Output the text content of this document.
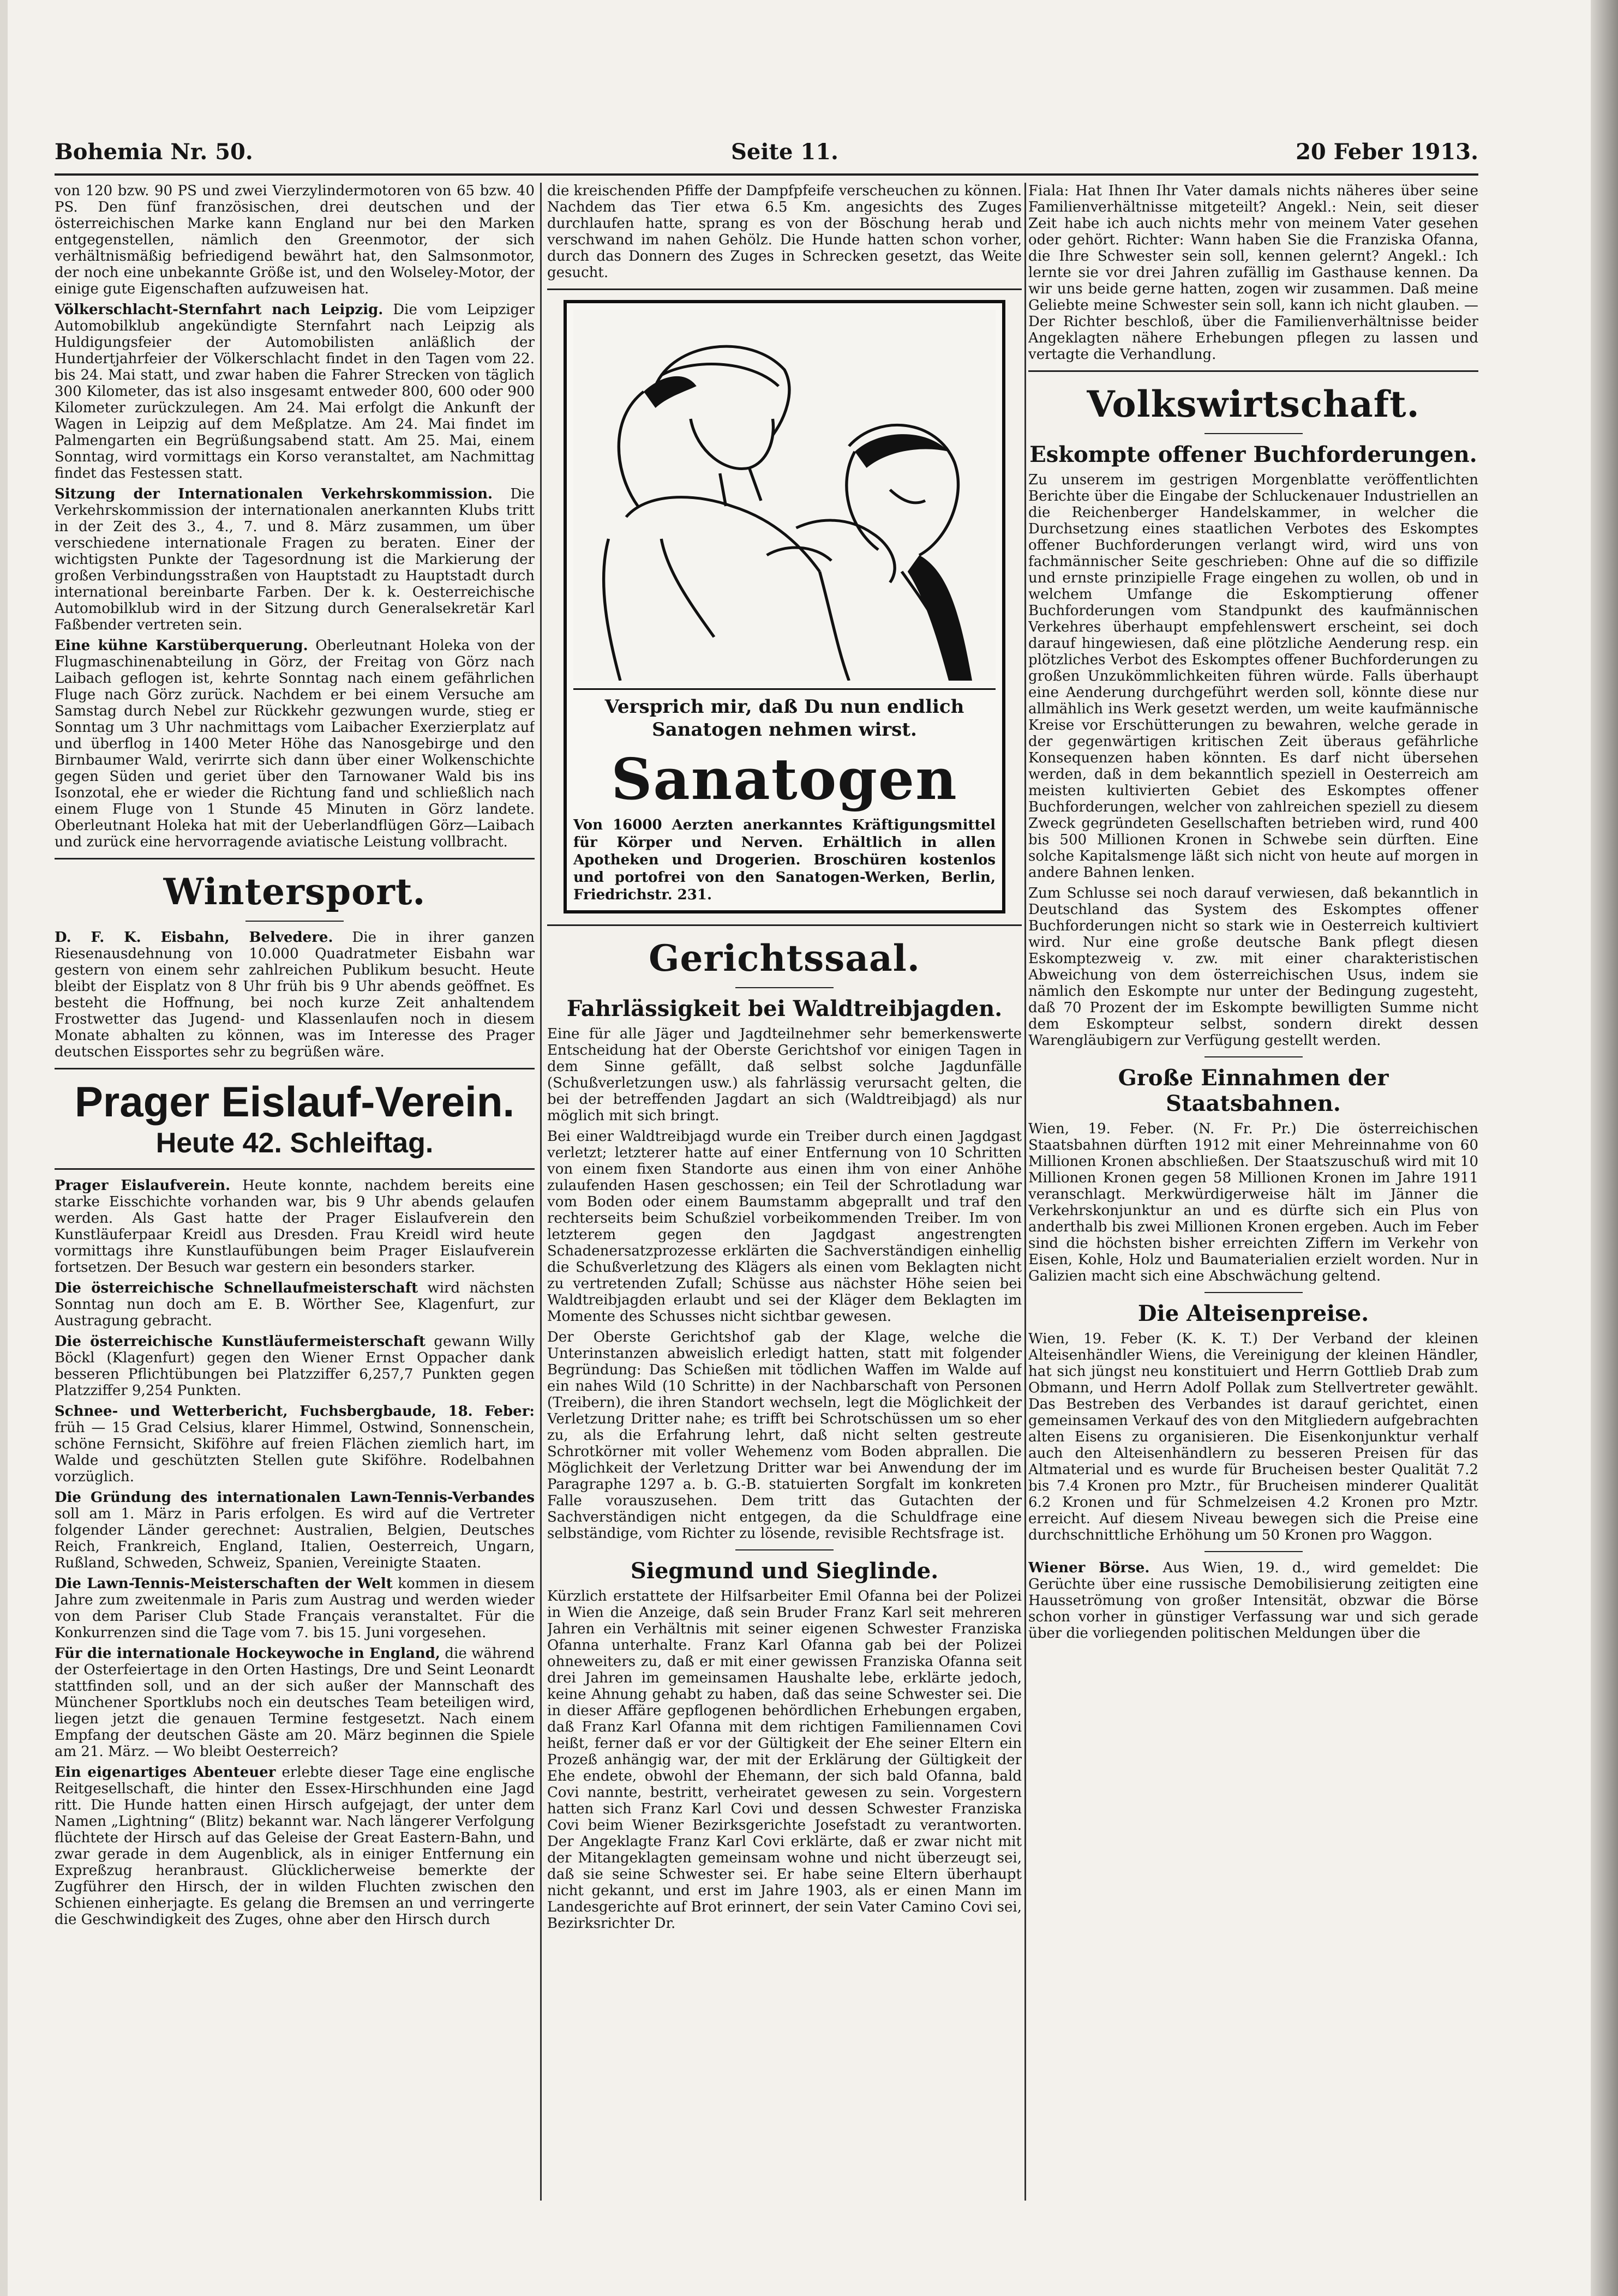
Bohemia Nr. 50.	Seite 11.	20 Feber 1913.

von 120 bzw. 90 PS und zwei Vierzylindermotoren von 65 bzw. 40 PS. Den fünf französischen, drei deutschen und der österreichischen Marke kann England nur bei den Marken entgegenstellen, nämlich den Greenmotor, der sich verhältnismäßig befriedigend bewährt hat, den Salmsonmotor, der noch eine unbekannte Größe ist, und den Wolseley-Motor, der einige gute Eigenschaften aufzuweisen hat.

Völkerschlacht-Sternfahrt nach Leipzig. Die vom Leipziger Automobilklub angekündigte Sternfahrt nach Leipzig als Huldigungsfeier der Automobilisten anläßlich der Hundertjahrfeier der Völkerschlacht findet in den Tagen vom 22. bis 24. Mai statt, und zwar haben die Fahrer Strecken von täglich 300 Kilometer, das ist also insgesamt entweder 800, 600 oder 900 Kilometer zurückzulegen. Am 24. Mai erfolgt die Ankunft der Wagen in Leipzig auf dem Meßplatze. Am 24. Mai findet im Palmengarten ein Begrüßungsabend statt. Am 25. Mai, einem Sonntag, wird vormittags ein Korso veranstaltet, am Nachmittag findet das Festessen statt.

Sitzung der Internationalen Verkehrskommission. Die Verkehrskommission der internationalen anerkannten Klubs tritt in der Zeit des 3., 4., 7. und 8. März zusammen, um über verschiedene internationale Fragen zu beraten. Einer der wichtigsten Punkte der Tagesordnung ist die Markierung der großen Verbindungsstraßen von Hauptstadt zu Hauptstadt durch international bereinbarte Farben. Der k. k. Oesterreichische Automobilklub wird in der Sitzung durch Generalsekretär Karl Faßbender vertreten sein.

Eine kühne Karstüberquerung. Oberleutnant Holeka von der Flugmaschinenabteilung in Görz, der Freitag von Görz nach Laibach geflogen ist, kehrte Sonntag nach einem gefährlichen Fluge nach Görz zurück. Nachdem er bei einem Versuche am Samstag durch Nebel zur Rückkehr gezwungen wurde, stieg er Sonntag um 3 Uhr nachmittags vom Laibacher Exerzierplatz auf und überflog in 1400 Meter Höhe das Nanosgebirge und den Birnbaumer Wald, verirrte sich dann über einer Wolkenschichte gegen Süden und geriet über den Tarnowaner Wald bis ins Isonzotal, ehe er wieder die Richtung fand und schließlich nach einem Fluge von 1 Stunde 45 Minuten in Görz landete. Oberleutnant Holeka hat mit der Ueberlandflügen Görz—Laibach und zurück eine hervorragende aviatische Leistung vollbracht.

Wintersport.

D. F. K. Eisbahn, Belvedere. Die in ihrer ganzen Riesenausdehnung von 10.000 Quadratmeter Eisbahn war gestern von einem sehr zahlreichen Publikum besucht. Heute bleibt der Eisplatz von 8 Uhr früh bis 9 Uhr abends geöffnet. Es besteht die Hoffnung, bei noch kurze Zeit anhaltendem Frostwetter das Jugend- und Klassenlaufen noch in diesem Monate abhalten zu können, was im Interesse des Prager deutschen Eissportes sehr zu begrüßen wäre.

Prager Eislauf-Verein.
Heute 42. Schleiftag.

Prager Eislaufverein. Heute konnte, nachdem bereits eine starke Eisschichte vorhanden war, bis 9 Uhr abends gelaufen werden. Als Gast hatte der Prager Eislaufverein den Kunstläuferpaar Kreidl aus Dresden. Frau Kreidl wird heute vormittags ihre Kunstlaufübungen beim Prager Eislaufverein fortsetzen. Der Besuch war gestern ein besonders starker.

Die österreichische Schnellaufmeisterschaft wird nächsten Sonntag nun doch am E. B. Wörther See, Klagenfurt, zur Austragung gebracht.

Die österreichische Kunstläufermeisterschaft gewann Willy Böckl (Klagenfurt) gegen den Wiener Ernst Oppacher dank besseren Pflichtübungen bei Platzziffer 6,257,7 Punkten gegen Platzziffer 9,254 Punkten.

Schnee- und Wetterbericht, Fuchsbergbaude, 18. Feber: früh — 15 Grad Celsius, klarer Himmel, Ostwind, Sonnenschein, schöne Fernsicht, Skiföhre auf freien Flächen ziemlich hart, im Walde und geschützten Stellen gute Skiföhre. Rodelbahnen vorzüglich.

Die Gründung des internationalen Lawn-Tennis-Verbandes soll am 1. März in Paris erfolgen. Es wird auf die Vertreter folgender Länder gerechnet: Australien, Belgien, Deutsches Reich, Frankreich, England, Italien, Oesterreich, Ungarn, Rußland, Schweden, Schweiz, Spanien, Vereinigte Staaten.

Die Lawn-Tennis-Meisterschaften der Welt kommen in diesem Jahre zum zweitenmale in Paris zum Austrag und werden wieder von dem Pariser Club Stade Français veranstaltet. Für die Konkurrenzen sind die Tage vom 7. bis 15. Juni vorgesehen.

Für die internationale Hockeywoche in England, die während der Osterfeiertage in den Orten Hastings, Dre und Seint Leonardt stattfinden soll, und an der sich außer der Mannschaft des Münchener Sportklubs noch ein deutsches Team beteiligen wird, liegen jetzt die genauen Termine festgesetzt. Nach einem Empfang der deutschen Gäste am 20. März beginnen die Spiele am 21. März. — Wo bleibt Oesterreich?

Ein eigenartiges Abenteuer erlebte dieser Tage eine englische Reitgesellschaft, die hinter den Essex-Hirschhunden eine Jagd ritt. Die Hunde hatten einen Hirsch aufgejagt, der unter dem Namen „Lightning“ (Blitz) bekannt war. Nach längerer Verfolgung flüchtete der Hirsch auf das Geleise der Great Eastern-Bahn, und zwar gerade in dem Augenblick, als in einiger Entfernung ein Expreßzug heranbraust. Glücklicherweise bemerkte der Zugführer den Hirsch, der in wilden Fluchten zwischen den Schienen einherjagte. Es gelang die Bremsen an und verringerte die Geschwindigkeit des Zuges, ohne aber den Hirsch durch

die kreischenden Pfiffe der Dampfpfeife verscheuchen zu können. Nachdem das Tier etwa 6.5 Km. angesichts des Zuges durchlaufen hatte, sprang es von der Böschung herab und verschwand im nahen Gehölz. Die Hunde hatten schon vorher, durch das Donnern des Zuges in Schrecken gesetzt, das Weite gesucht.

Versprich mir, daß Du nun endlich Sanatogen nehmen wirst.
Sanatogen
Von 16000 Aerzten anerkanntes Kräftigungsmittel für Körper und Nerven. Erhältlich in allen Apotheken und Drogerien. Broschüren kostenlos und portofrei von den Sanatogen-Werken, Berlin, Friedrichstr. 231.
Gerichtssaal.
Fahrlässigkeit bei Waldtreibjagden.

Eine für alle Jäger und Jagdteilnehmer sehr bemerkenswerte Entscheidung hat der Oberste Gerichtshof vor einigen Tagen in dem Sinne gefällt, daß selbst solche Jagdunfälle (Schußverletzungen usw.) als fahrlässig verursacht gelten, die bei der betreffenden Jagdart an sich (Waldtreibjagd) als nur möglich mit sich bringt.

Bei einer Waldtreibjagd wurde ein Treiber durch einen Jagdgast verletzt; letzterer hatte auf einer Entfernung von 10 Schritten von einem fixen Standorte aus einen ihm von einer Anhöhe zulaufenden Hasen geschossen; ein Teil der Schrotladung war vom Boden oder einem Baumstamm abgeprallt und traf den rechterseits beim Schußziel vorbeikommenden Treiber. Im von letzterem gegen den Jagdgast angestrengten Schadenersatzprozesse erklärten die Sachverständigen einhellig die Schußverletzung des Klägers als einen vom Beklagten nicht zu vertretenden Zufall; Schüsse aus nächster Höhe seien bei Waldtreibjagden erlaubt und sei der Kläger dem Beklagten im Momente des Schusses nicht sichtbar gewesen.

Der Oberste Gerichtshof gab der Klage, welche die Unterinstanzen abweislich erledigt hatten, statt mit folgender Begründung: Das Schießen mit tödlichen Waffen im Walde auf ein nahes Wild (10 Schritte) in der Nachbarschaft von Personen (Treibern), die ihren Standort wechseln, legt die Möglichkeit der Verletzung Dritter nahe; es trifft bei Schrotschüssen um so eher zu, als die Erfahrung lehrt, daß nicht selten gestreute Schrotkörner mit voller Wehemenz vom Boden abprallen. Die Möglichkeit der Verletzung Dritter war bei Anwendung der im Paragraphe 1297 a. b. G.-B. statuierten Sorgfalt im konkreten Falle vorauszusehen. Dem tritt das Gutachten der Sachverständigen nicht entgegen, da die Schuldfrage eine selbständige, vom Richter zu lösende, revisible Rechtsfrage ist.

Siegmund und Sieglinde.

Kürzlich erstattete der Hilfsarbeiter Emil Ofanna bei der Polizei in Wien die Anzeige, daß sein Bruder Franz Karl seit mehreren Jahren ein Verhältnis mit seiner eigenen Schwester Franziska Ofanna unterhalte. Franz Karl Ofanna gab bei der Polizei ohneweiters zu, daß er mit einer gewissen Franziska Ofanna seit drei Jahren im gemeinsamen Haushalte lebe, erklärte jedoch, keine Ahnung gehabt zu haben, daß das seine Schwester sei. Die in dieser Affäre gepflogenen behördlichen Erhebungen ergaben, daß Franz Karl Ofanna mit dem richtigen Familiennamen Covi heißt, ferner daß er vor der Gültigkeit der Ehe seiner Eltern ein Prozeß anhängig war, der mit der Erklärung der Gültigkeit der Ehe endete, obwohl der Ehemann, der sich bald Ofanna, bald Covi nannte, bestritt, verheiratet gewesen zu sein. Vorgestern hatten sich Franz Karl Covi und dessen Schwester Franziska Covi beim Wiener Bezirksgerichte Josefstadt zu verantworten. Der Angeklagte Franz Karl Covi erklärte, daß er zwar nicht mit der Mitangeklagten gemeinsam wohne und nicht überzeugt sei, daß sie seine Schwester sei. Er habe seine Eltern überhaupt nicht gekannt, und erst im Jahre 1903, als er einen Mann im Landesgerichte auf Brot erinnert, der sein Vater Camino Covi sei, Bezirksrichter Dr.

Fiala: Hat Ihnen Ihr Vater damals nichts näheres über seine Familienverhältnisse mitgeteilt? Angekl.: Nein, seit dieser Zeit habe ich auch nichts mehr von meinem Vater gesehen oder gehört. Richter: Wann haben Sie die Franziska Ofanna, die Ihre Schwester sein soll, kennen gelernt? Angekl.: Ich lernte sie vor drei Jahren zufällig im Gasthause kennen. Da wir uns beide gerne hatten, zogen wir zusammen. Daß meine Geliebte meine Schwester sein soll, kann ich nicht glauben. — Der Richter beschloß, über die Familienverhältnisse beider Angeklagten nähere Erhebungen pflegen zu lassen und vertagte die Verhandlung.

Volkswirtschaft.
Eskompte offener Buchforderungen.

Zu unserem im gestrigen Morgenblatte veröffentlichten Berichte über die Eingabe der Schluckenauer Industriellen an die Reichenberger Handelskammer, in welcher die Durchsetzung eines staatlichen Verbotes des Eskomptes offener Buchforderungen verlangt wird, wird uns von fachmännischer Seite geschrieben: Ohne auf die so diffizile und ernste prinzipielle Frage eingehen zu wollen, ob und in welchem Umfange die Eskomptierung offener Buchforderungen vom Standpunkt des kaufmännischen Verkehres überhaupt empfehlenswert erscheint, sei doch darauf hingewiesen, daß eine plötzliche Aenderung resp. ein plötzliches Verbot des Eskomptes offener Buchforderungen zu großen Unzukömmlichkeiten führen würde. Falls überhaupt eine Aenderung durchgeführt werden soll, könnte diese nur allmählich ins Werk gesetzt werden, um weite kaufmännische Kreise vor Erschütterungen zu bewahren, welche gerade in der gegenwärtigen kritischen Zeit überaus gefährliche Konsequenzen haben könnten. Es darf nicht übersehen werden, daß in dem bekanntlich speziell in Oesterreich am meisten kultivierten Gebiet des Eskomptes offener Buchforderungen, welcher von zahlreichen speziell zu diesem Zweck gegründeten Gesellschaften betrieben wird, rund 400 bis 500 Millionen Kronen in Schwebe sein dürften. Eine solche Kapitalsmenge läßt sich nicht von heute auf morgen in andere Bahnen lenken.

Zum Schlusse sei noch darauf verwiesen, daß bekanntlich in Deutschland das System des Eskomptes offener Buchforderungen nicht so stark wie in Oesterreich kultiviert wird. Nur eine große deutsche Bank pflegt diesen Eskomptezweig v. zw. mit einer charakteristischen Abweichung von dem österreichischen Usus, indem sie nämlich den Eskompte nur unter der Bedingung zugesteht, daß 70 Prozent der im Eskompte bewilligten Summe nicht dem Eskompteur selbst, sondern direkt dessen Warengläubigern zur Verfügung gestellt werden.

Große Einnahmen der Staatsbahnen.

Wien, 19. Feber. (N. Fr. Pr.) Die österreichischen Staatsbahnen dürften 1912 mit einer Mehreinnahme von 60 Millionen Kronen abschließen. Der Staatszuschuß wird mit 10 Millionen Kronen gegen 58 Millionen Kronen im Jahre 1911 veranschlagt. Merkwürdigerweise hält im Jänner die Verkehrskonjunktur an und es dürfte sich ein Plus von anderthalb bis zwei Millionen Kronen ergeben. Auch im Feber sind die höchsten bisher erreichten Ziffern im Verkehr von Eisen, Kohle, Holz und Baumaterialien erzielt worden. Nur in Galizien macht sich eine Abschwächung geltend.

Die Alteisenpreise.

Wien, 19. Feber (K. K. T.) Der Verband der kleinen Alteisenhändler Wiens, die Vereinigung der kleinen Händler, hat sich jüngst neu konstituiert und Herrn Gottlieb Drab zum Obmann, und Herrn Adolf Pollak zum Stellvertreter gewählt. Das Bestreben des Verbandes ist darauf gerichtet, einen gemeinsamen Verkauf des von den Mitgliedern aufgebrachten alten Eisens zu organisieren. Die Eisenkonjunktur verhalf auch den Alteisenhändlern zu besseren Preisen für das Altmaterial und es wurde für Brucheisen bester Qualität 7.2 bis 7.4 Kronen pro Mztr., für Brucheisen minderer Qualität 6.2 Kronen und für Schmelzeisen 4.2 Kronen pro Mztr. erreicht. Auf diesem Niveau bewegen sich die Preise eine durchschnittliche Erhöhung um 50 Kronen pro Waggon.

Wiener Börse. Aus Wien, 19. d., wird gemeldet: Die Gerüchte über eine russische Demobilisierung zeitigten eine Haussetrömung von großer Intensität, obzwar die Börse schon vorher in günstiger Verfassung war und sich gerade über die vorliegenden politischen Meldungen über die
